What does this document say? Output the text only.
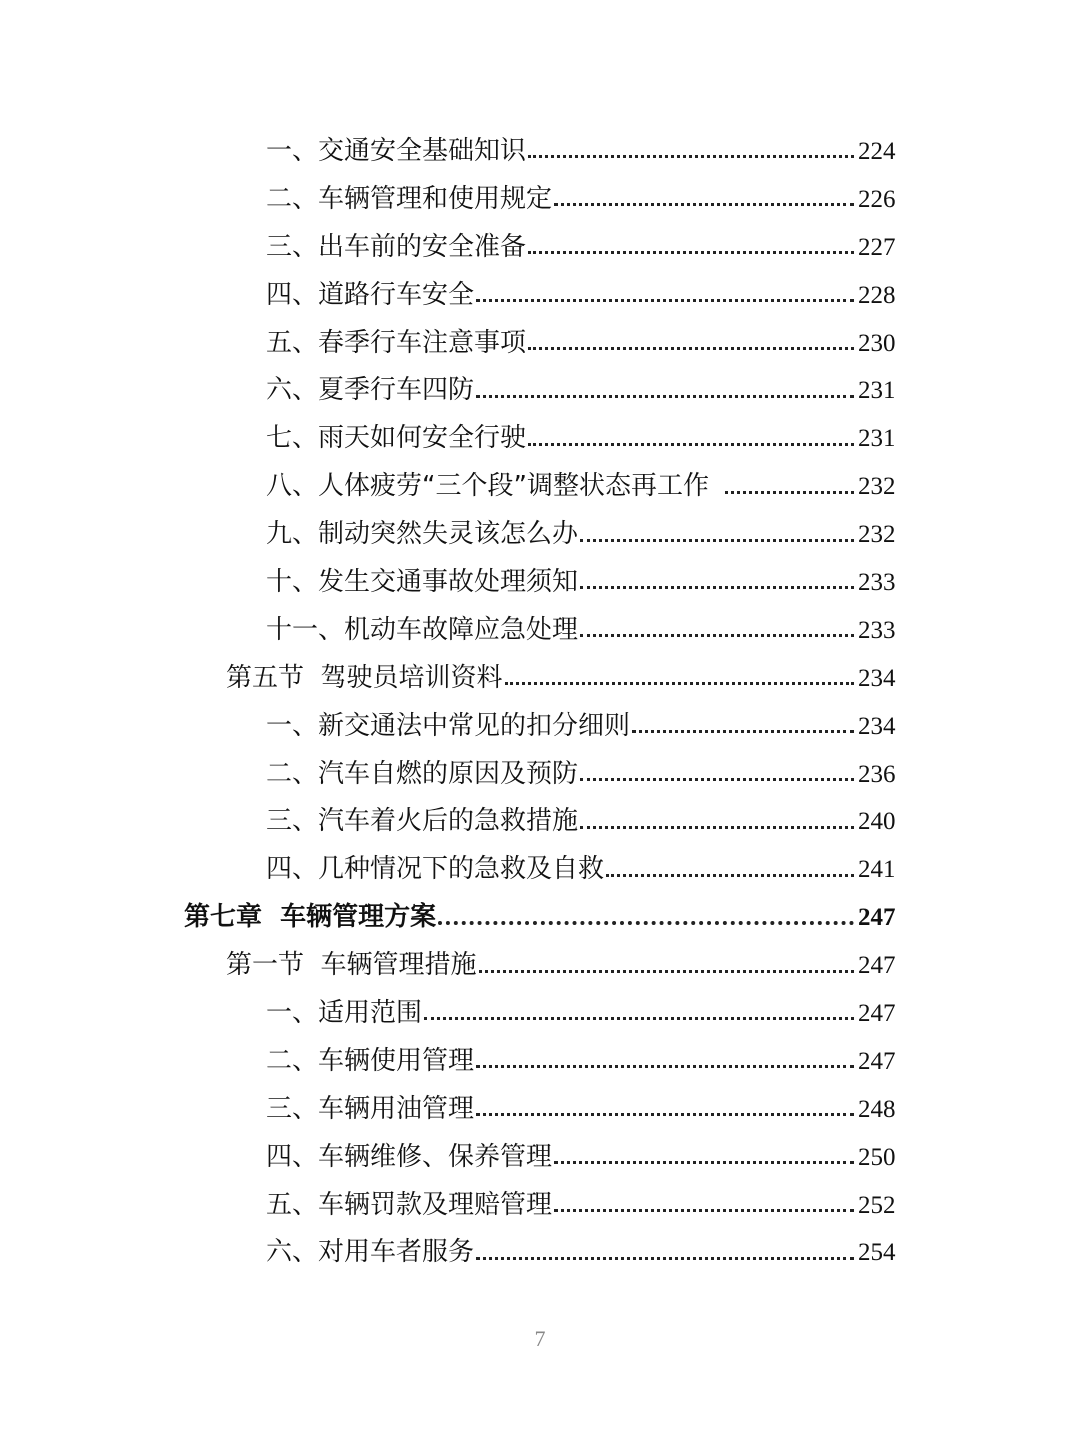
一、交通安全基础知识	224
二、车辆管理和使用规定	226
三、出车前的安全准备	227
四、道路行车安全	228
五、春季行车注意事项	230
六、夏季行车四防	231
七、雨天如何安全行驶	231
八、人体疲劳“三个段”调整状态再工作	232
九、制动突然失灵该怎么办	232
十、发生交通事故处理须知	233
十一、机动车故障应急处理	233
第五节  驾驶员培训资料	234
一、新交通法中常见的扣分细则	234
二、汽车自燃的原因及预防	236
三、汽车着火后的急救措施	240
四、几种情况下的急救及自救	241
第七章  车辆管理方案	247
第一节  车辆管理措施	247
一、适用范围	247
二、车辆使用管理	247
三、车辆用油管理	248
四、车辆维修、保养管理	250
五、车辆罚款及理赔管理	252
六、对用车者服务	254
7
